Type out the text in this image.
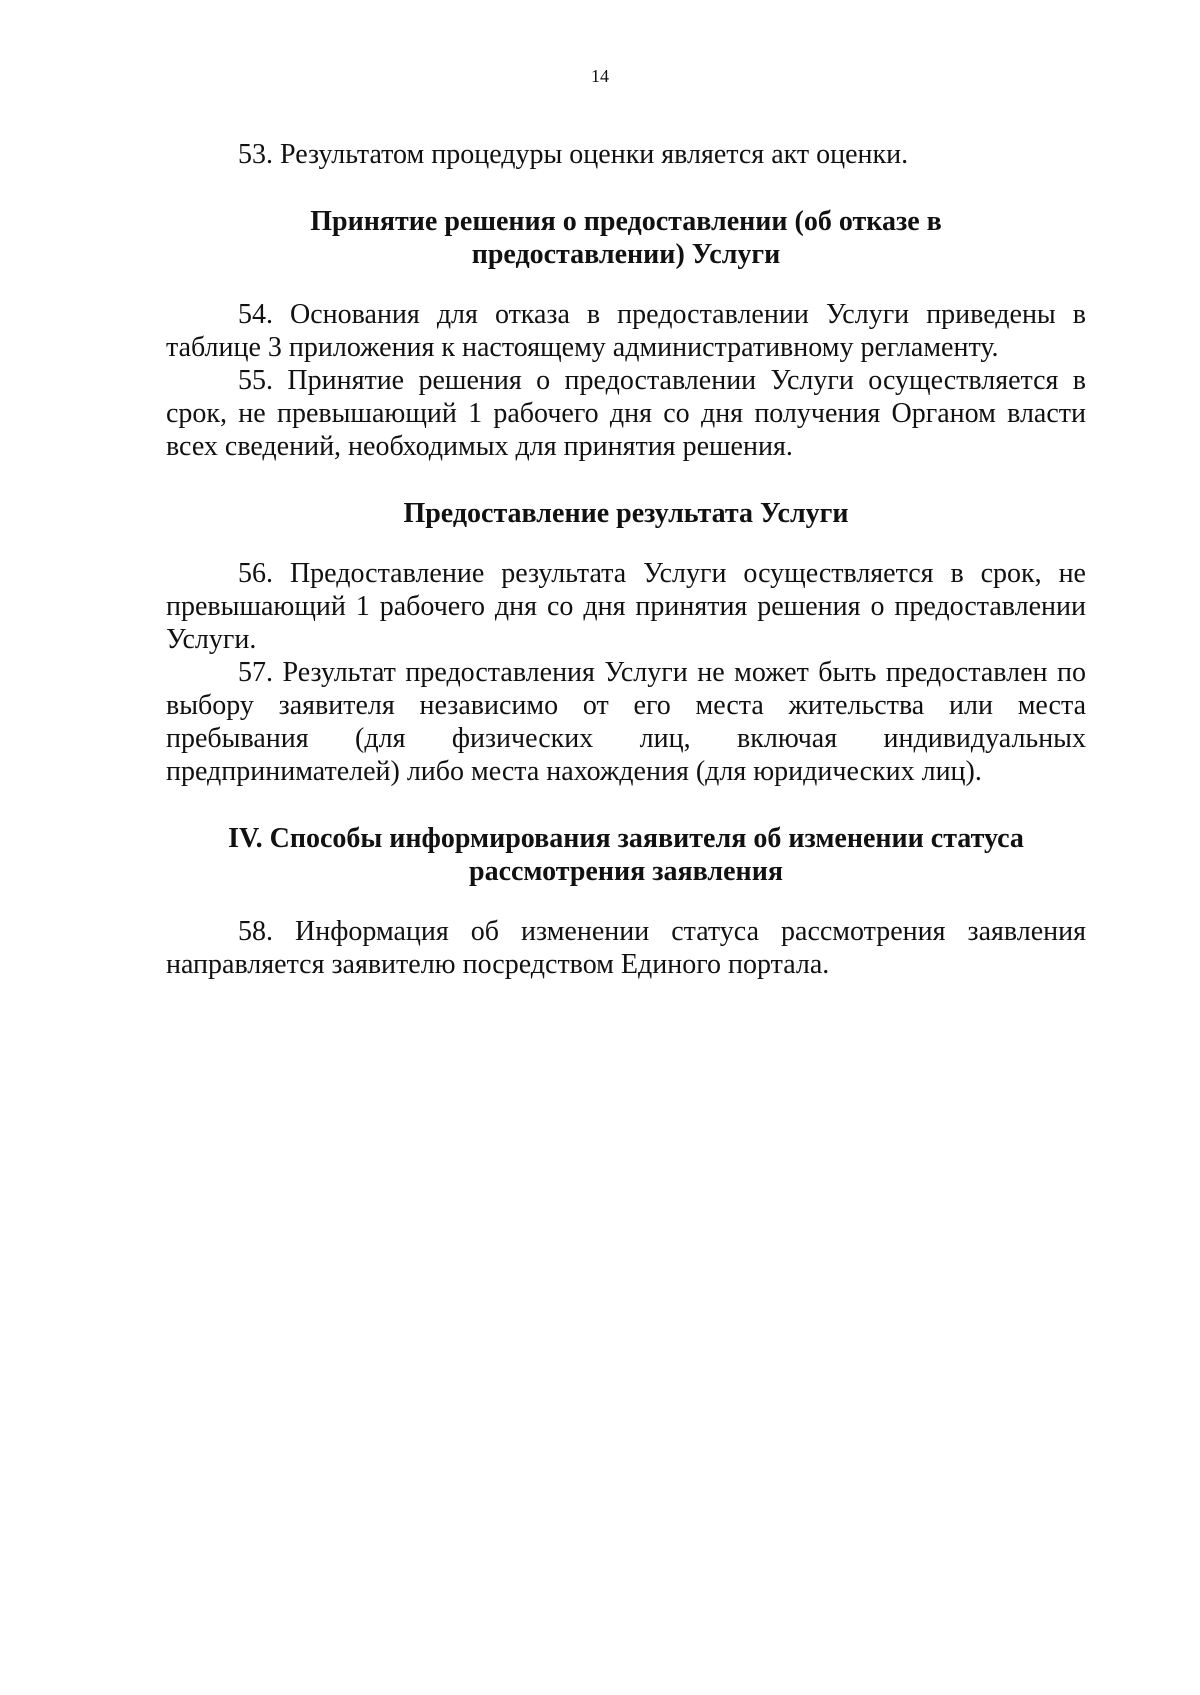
14

53. Результатом процедуры оценки является акт оценки.

Принятие решения о предоставлении (об отказе в предоставлении) Услуги

54. Основания для отказа в предоставлении Услуги приведены в таблице 3 приложения к настоящему административному регламенту.

55. Принятие решения о предоставлении Услуги осуществляется в срок, не превышающий 1 рабочего дня со дня получения Органом власти всех сведений, необходимых для принятия решения.

Предоставление результата Услуги

56. Предоставление результата Услуги осуществляется в срок, не превышающий 1 рабочего дня со дня принятия решения о предоставлении Услуги.

57. Результат предоставления Услуги не может быть предоставлен по выбору заявителя независимо от его места жительства или места пребывания (для физических лиц, включая индивидуальных предпринимателей) либо места нахождения (для юридических лиц).

IV. Способы информирования заявителя об изменении статуса

рассмотрения заявления

58. Информация об изменении статуса рассмотрения заявления направляется заявителю посредством Единого портала.
